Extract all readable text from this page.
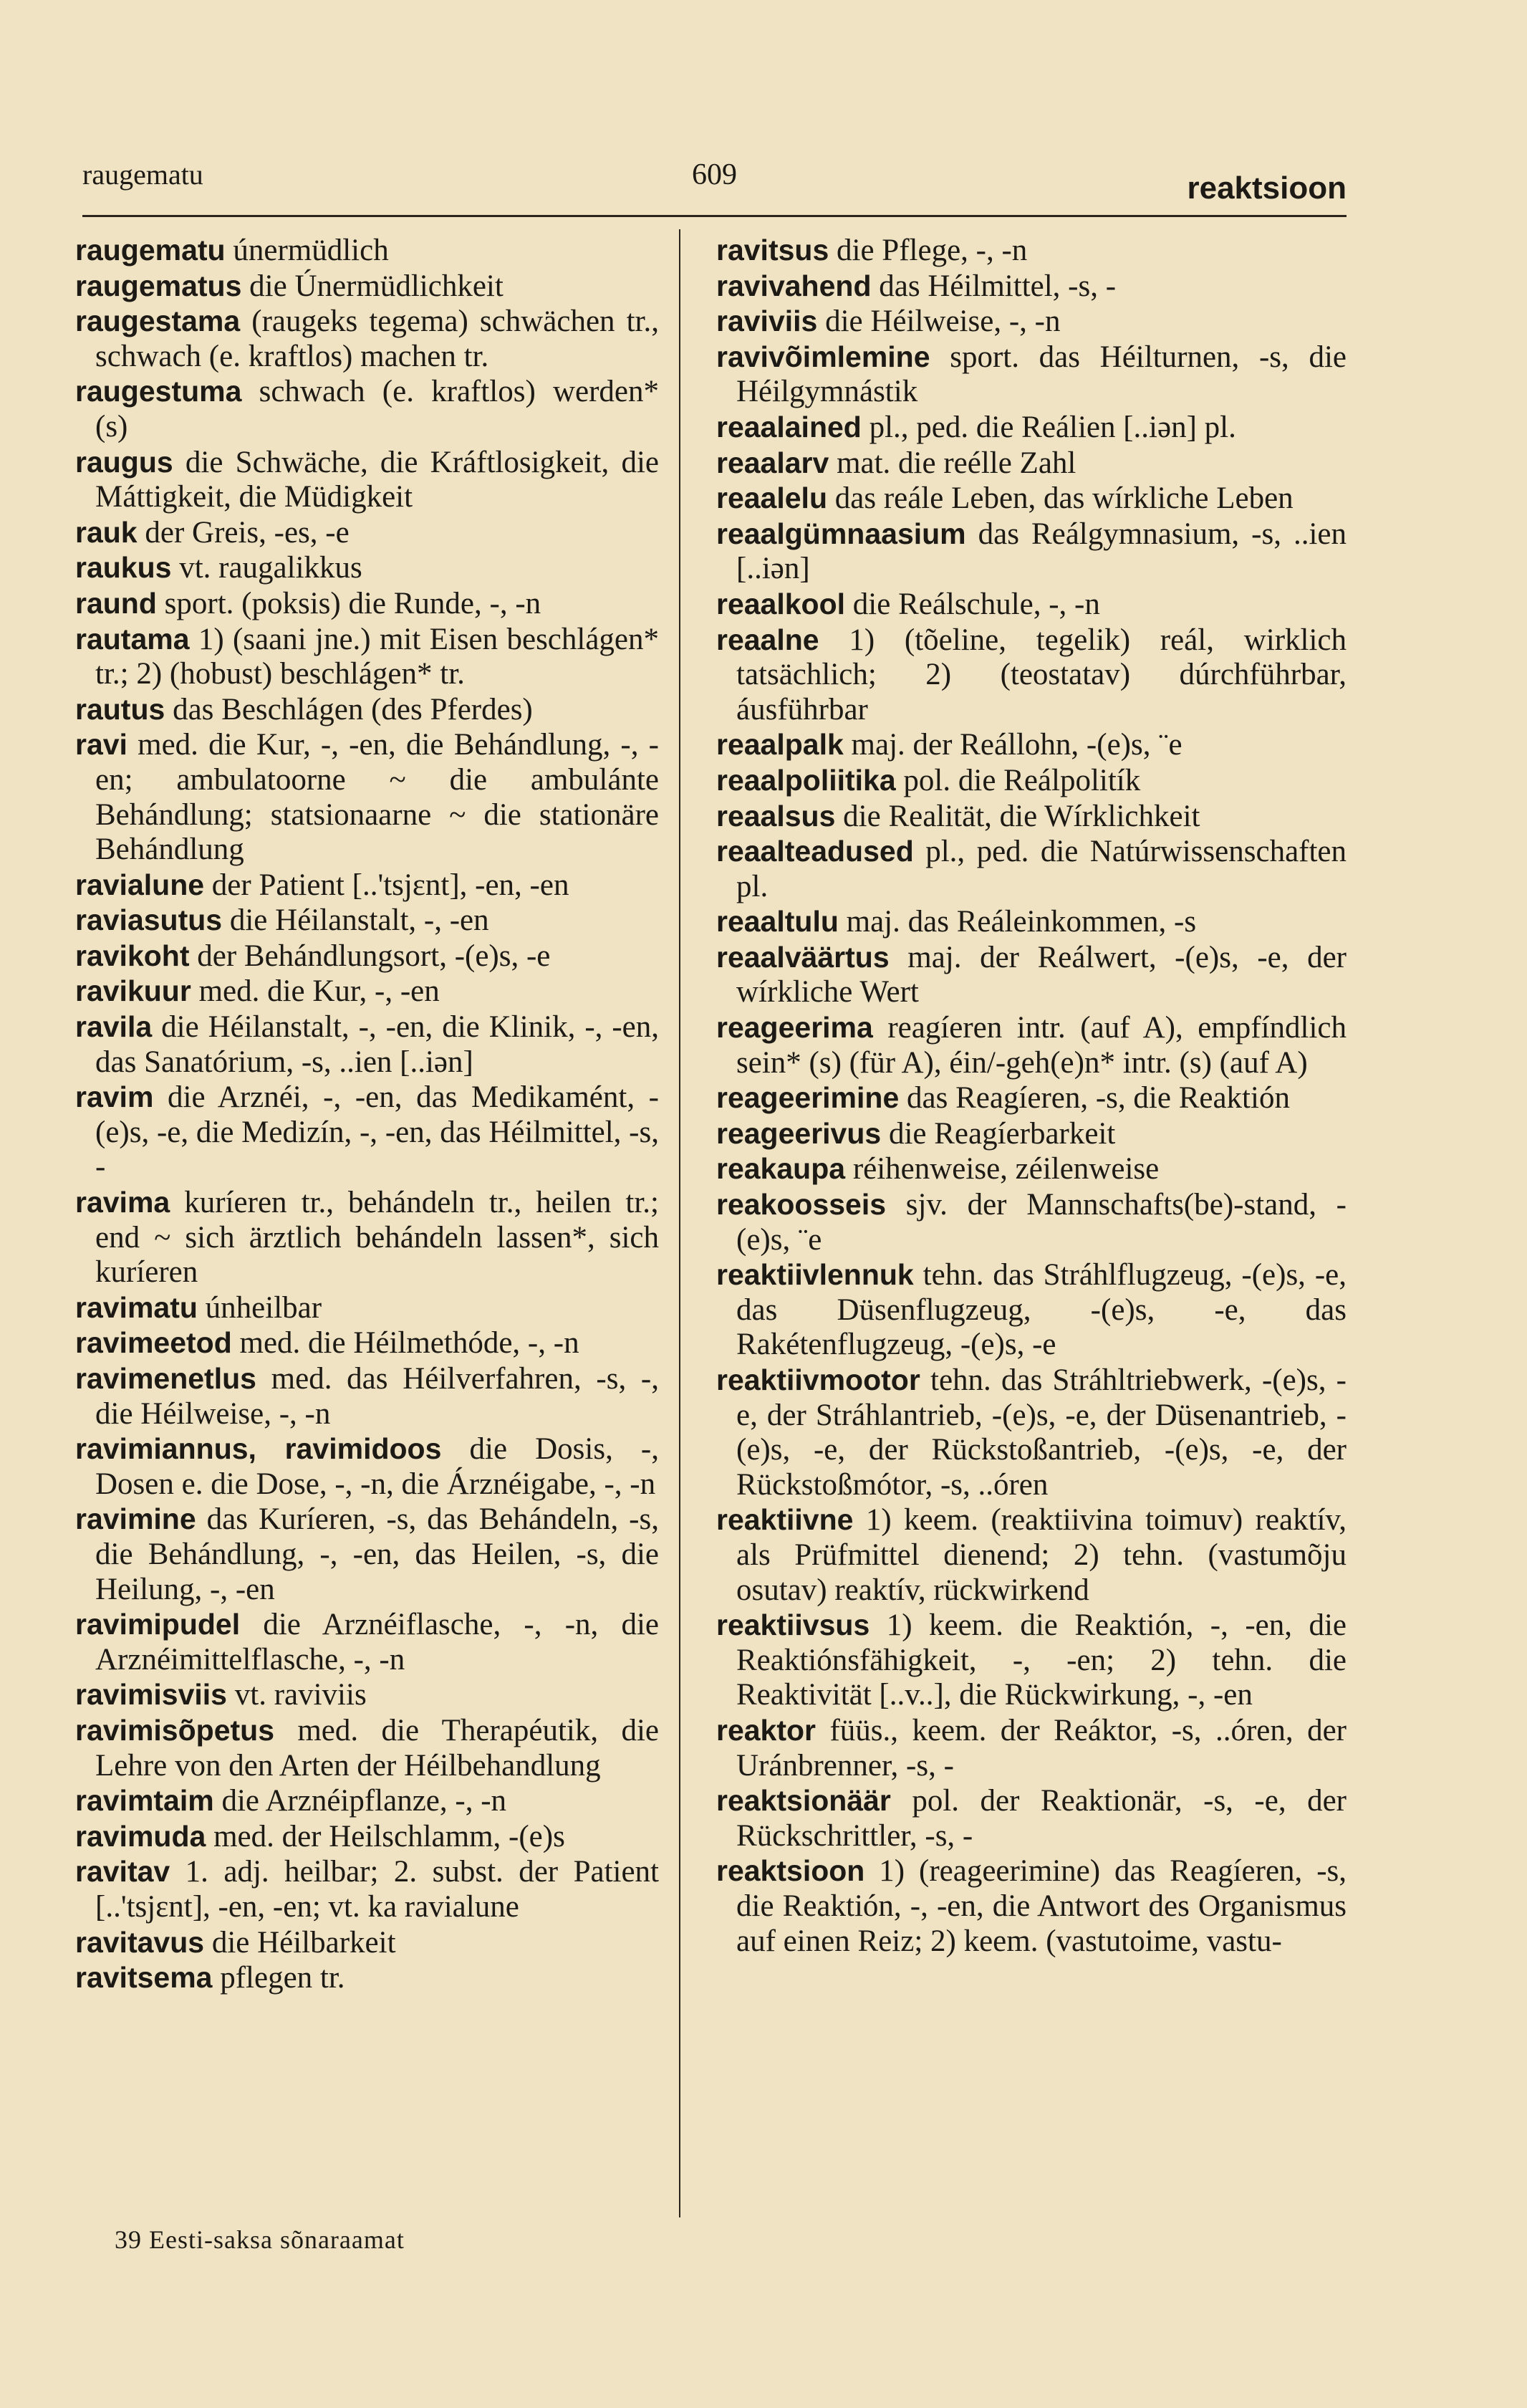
raugematu	609	reaktsioon

raugematu únermüdlich

raugematus die Únermüdlichkeit

raugestama (raugeks tegema) schwächen tr., schwach (e. kraftlos) machen tr.

raugestuma schwach (e. kraftlos) werden* (s)

raugus die Schwäche, die Kráftlosigkeit, die Máttigkeit, die Müdigkeit

rauk der Greis, -es, -e

raukus vt. raugalikkus

raund sport. (poksis) die Runde, -, -n

rautama 1) (saani jne.) mit Eisen beschlágen* tr.; 2) (hobust) beschlágen* tr.

rautus das Beschlágen (des Pferdes)

ravi med. die Kur, -, -en, die Behándlung, -, -en; ambulatoorne ~ die ambulánte Behándlung; statsionaarne ~ die stationäre Behándlung

ravialune der Patient [..'tsjɛnt], -en, -en

raviasutus die Héilanstalt, -, -en

ravikoht der Behándlungsort, -(e)s, -e

ravikuur med. die Kur, -, -en

ravila die Héilanstalt, -, -en, die Klinik, -, -en, das Sanatórium, -s, ..ien [..iən]

ravim die Arznéi, -, -en, das Medikamént, -(e)s, -e, die Medizín, -, -en, das Héilmittel, -s, -

ravima kuríeren tr., behándeln tr., heilen tr.; end ~ sich ärztlich behándeln lassen*, sich kuríeren

ravimatu únheilbar

ravimeetod med. die Héilmethóde, -, -n

ravimenetlus med. das Héilverfahren, -s, -, die Héilweise, -, -n

ravimiannus, ravimidoos die Dosis, -, Dosen e. die Dose, -, -n, die Árznéigabe, -, -n

ravimine das Kuríeren, -s, das Behándeln, -s, die Behándlung, -, -en, das Heilen, -s, die Heilung, -, -en

ravimipudel die Arznéiflasche, -, -n, die Arznéimittelflasche, -, -n

ravimisviis vt. raviviis

ravimisõpetus med. die Therapéutik, die Lehre von den Arten der Héilbehandlung

ravimtaim die Arznéipflanze, -, -n

ravimuda med. der Heilschlamm, -(e)s

ravitav 1. adj. heilbar; 2. subst. der Patient [..'tsjɛnt], -en, -en; vt. ka ravialune

ravitavus die Héilbarkeit

ravitsema pflegen tr.

ravitsus die Pflege, -, -n

ravivahend das Héilmittel, -s, -

raviviis die Héilweise, -, -n

ravivõimlemine sport. das Héilturnen, -s, die Héilgymnástik

reaalained pl., ped. die Reálien [..iən] pl.

reaalarv mat. die reélle Zahl

reaalelu das reále Leben, das wírkliche Leben

reaalgümnaasium das Reálgymnasium, -s, ..ien [..iən]

reaalkool die Reálschule, -, -n

reaalne 1) (tõeline, tegelik) reál, wirklich tatsächlich; 2) (teostatav) dúrchführbar, áusführbar

reaalpalk maj. der Reállohn, -(e)s, ¨e

reaalpoliitika pol. die Reálpolitík

reaalsus die Realität, die Wírklichkeit

reaalteadused pl., ped. die Natúrwissenschaften pl.

reaaltulu maj. das Reáleinkommen, -s

reaalväärtus maj. der Reálwert, -(e)s, -e, der wírkliche Wert

reageerima reagíeren intr. (auf A), empfíndlich sein* (s) (für A), éin/-geh(e)n* intr. (s) (auf A)

reageerimine das Reagíeren, -s, die Reaktión

reageerivus die Reagíerbarkeit

reakaupa réihenweise, zéilenweise

reakoosseis sjv. der Mannschafts(be)-stand, -(e)s, ¨e

reaktiivlennuk tehn. das Stráhlflugzeug, -(e)s, -e, das Düsenflugzeug, -(e)s, -e, das Rakétenflugzeug, -(e)s, -e

reaktiivmootor tehn. das Stráhltriebwerk, -(e)s, -e, der Stráhlantrieb, -(e)s, -e, der Düsenantrieb, -(e)s, -e, der Rückstoßantrieb, -(e)s, -e, der Rückstoßmótor, -s, ..óren

reaktiivne 1) keem. (reaktiivina toimuv) reaktív, als Prüfmittel dienend; 2) tehn. (vastumõju osutav) reaktív, rückwirkend

reaktiivsus 1) keem. die Reaktión, -, -en, die Reaktiónsfähigkeit, -, -en; 2) tehn. die Reaktivität [..v..], die Rückwirkung, -, -en

reaktor füüs., keem. der Reáktor, -s, ..óren, der Uránbrenner, -s, -

reaktsionäär pol. der Reaktionär, -s, -e, der Rückschrittler, -s, -

reaktsioon 1) (reageerimine) das Reagíeren, -s, die Reaktión, -, -en, die Antwort des Organismus auf einen Reiz; 2) keem. (vastutoime, vastu-

39 Eesti-saksa sõnaraamat
